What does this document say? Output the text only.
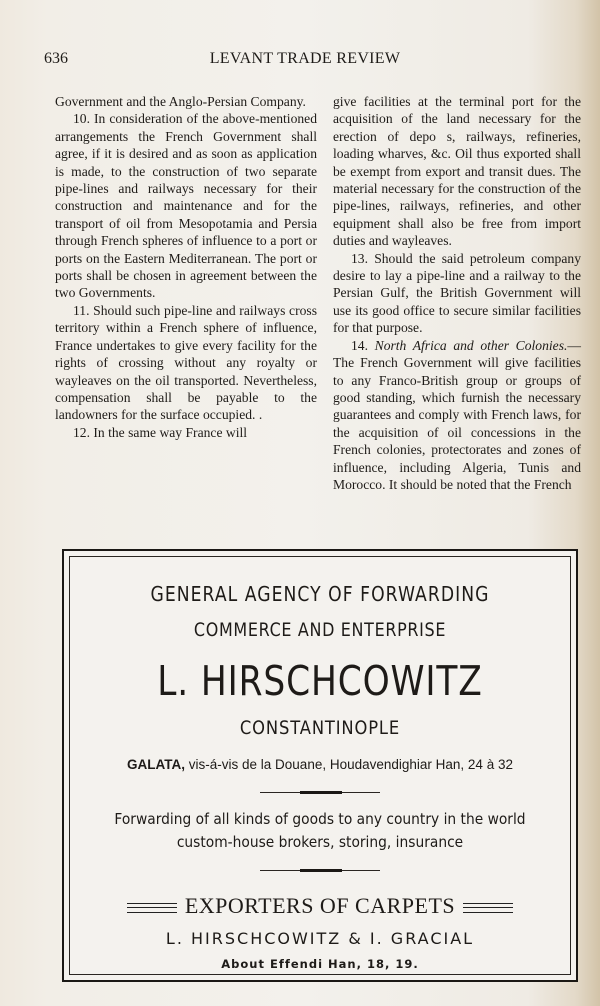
636	LEVANT TRADE REVIEW

Government and the Anglo-Persian Company.

10. In consideration of the above-mentioned arrangements the French Government shall agree, if it is desired and as soon as application is made, to the construction of two separate pipe-lines and railways necessary for their construction and maintenance and for the transport of oil from Mesopotamia and Persia through French spheres of influence to a port or ports on the Eastern Mediterranean. The port or ports shall be chosen in agreement between the two Governments.

11. Should such pipe-line and railways cross territory within a French sphere of influence, France undertakes to give every facility for the rights of crossing without any royalty or wayleaves on the oil transported. Nevertheless, compensation shall be payable to the landowners for the surface occupied. .

12. In the same way France will

give facilities at the terminal port for the acquisition of the land necessary for the erection of depo s, railways, refineries, loading wharves, &c. Oil thus exported shall be exempt from export and transit dues. The material necessary for the construction of the pipe-lines, railways, refineries, and other equipment shall also be free from import duties and wayleaves.

13. Should the said petroleum company desire to lay a pipe-line and a railway to the Persian Gulf, the British Government will use its good office to secure similar facilities for that purpose.

14. North Africa and other Colonies.—The French Government will give facilities to any Franco-British group or groups of good standing, which furnish the necessary guarantees and comply with French laws, for the acquisition of oil concessions in the French colonies, protectorates and zones of influence, including Algeria, Tunis and Morocco. It should be noted that the French

GENERAL AGENCY OF FORWARDING
COMMERCE AND ENTERPRISE
L. HIRSCHCOWITZ
CONSTANTINOPLE
GALATA, vis-á-vis de la Douane, Houdavendighiar Han, 24 à 32
Forwarding of all kinds of goods to any country in the world
custom-house brokers, storing, insurance
EXPORTERS OF CARPETS
L. HIRSCHCOWITZ & I. GRACIAL
About Effendi Han, 18, 19.
